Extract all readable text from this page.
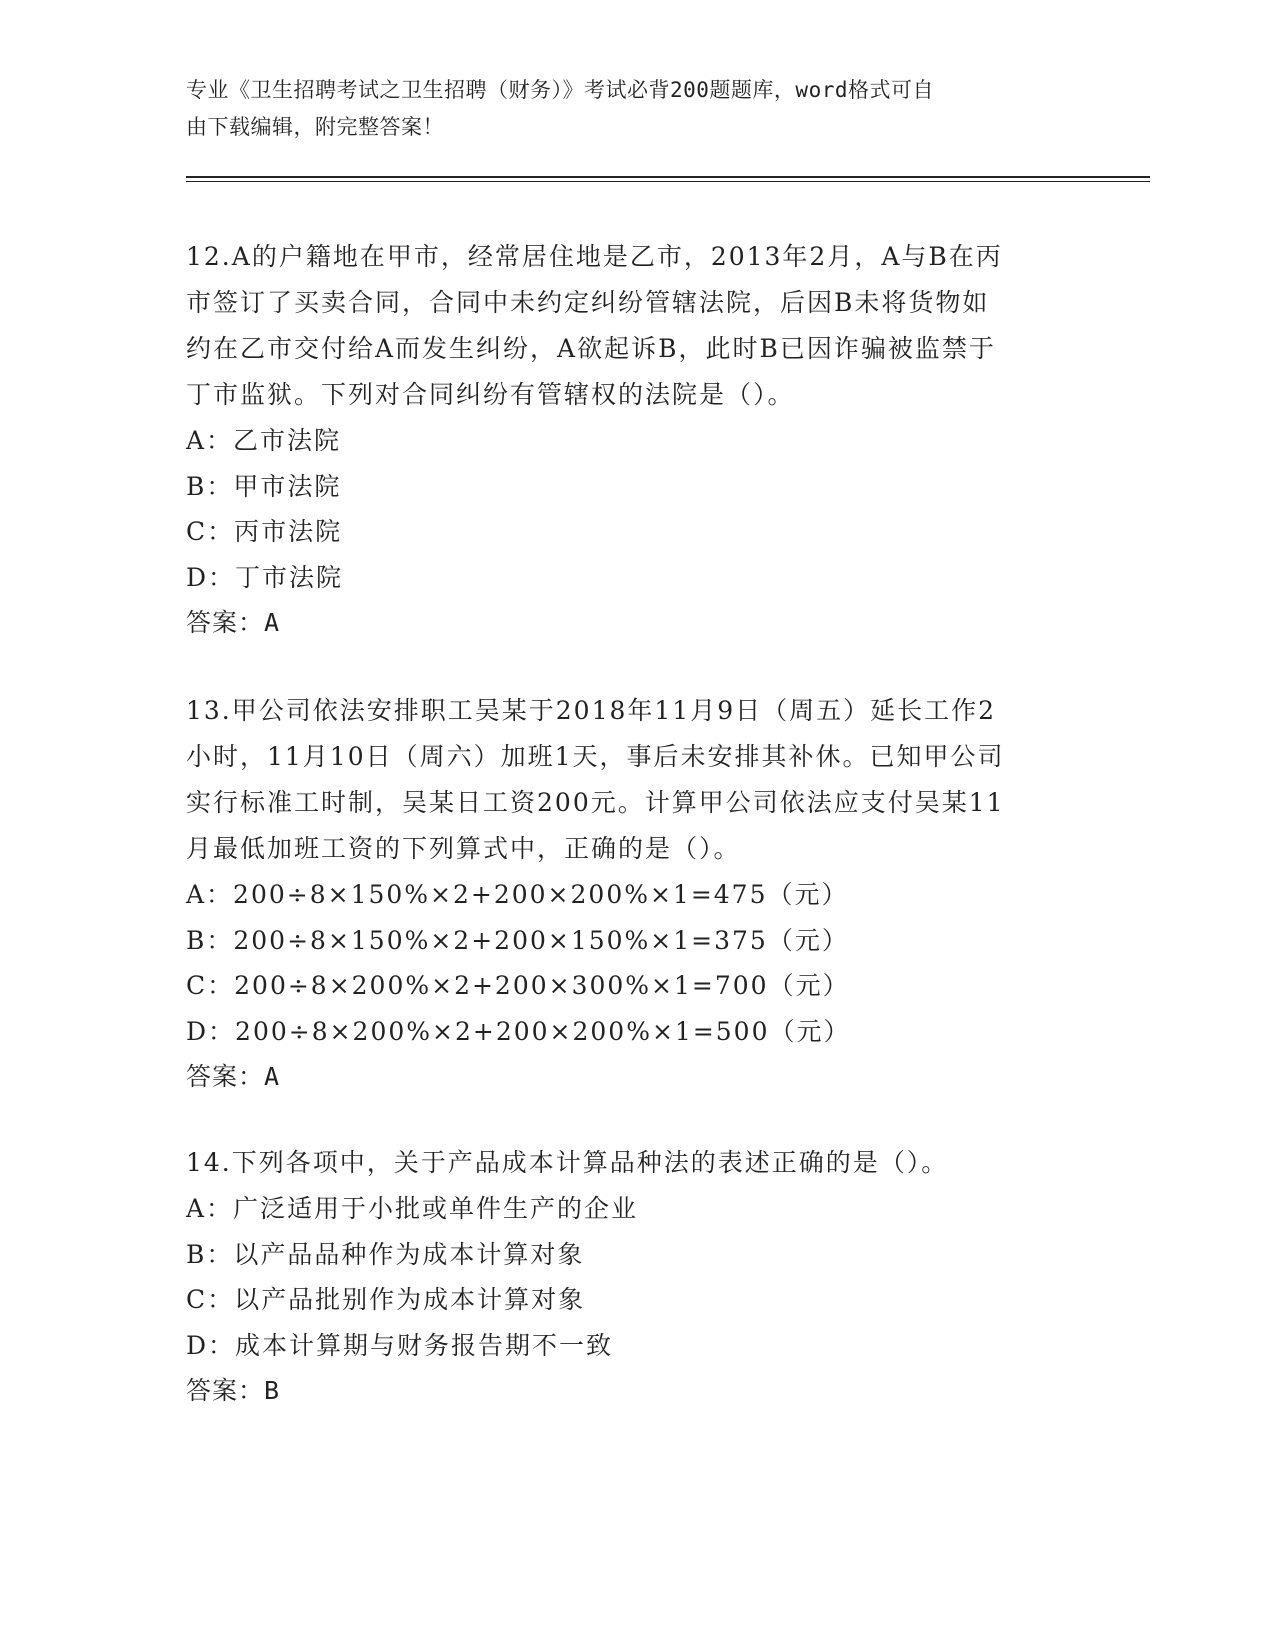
专业《卫生招聘考试之卫生招聘（财务）》考试必背200题题库，word格式可自
由下载编辑，附完整答案！
12.A的户籍地在甲市，经常居住地是乙市，2013年2月，A与B在丙
市签订了买卖合同，合同中未约定纠纷管辖法院，后因B未将货物如
约在乙市交付给A而发生纠纷，A欲起诉B，此时B已因诈骗被监禁于
丁市监狱。下列对合同纠纷有管辖权的法院是（）。
A：乙市法院
B：甲市法院
C：丙市法院
D：丁市法院
答案：A
13.甲公司依法安排职工吴某于2018年11月9日（周五）延长工作2
小时，11月10日（周六）加班1天，事后未安排其补休。已知甲公司
实行标准工时制，吴某日工资200元。计算甲公司依法应支付吴某11
月最低加班工资的下列算式中，正确的是（）。
A：200÷8×150%×2+200×200%×1=475（元）
B：200÷8×150%×2+200×150%×1=375（元）
C：200÷8×200%×2+200×300%×1=700（元）
D：200÷8×200%×2+200×200%×1=500（元）
答案：A
14.下列各项中，关于产品成本计算品种法的表述正确的是（）。
A：广泛适用于小批或单件生产的企业
B：以产品品种作为成本计算对象
C：以产品批别作为成本计算对象
D：成本计算期与财务报告期不一致
答案：B
